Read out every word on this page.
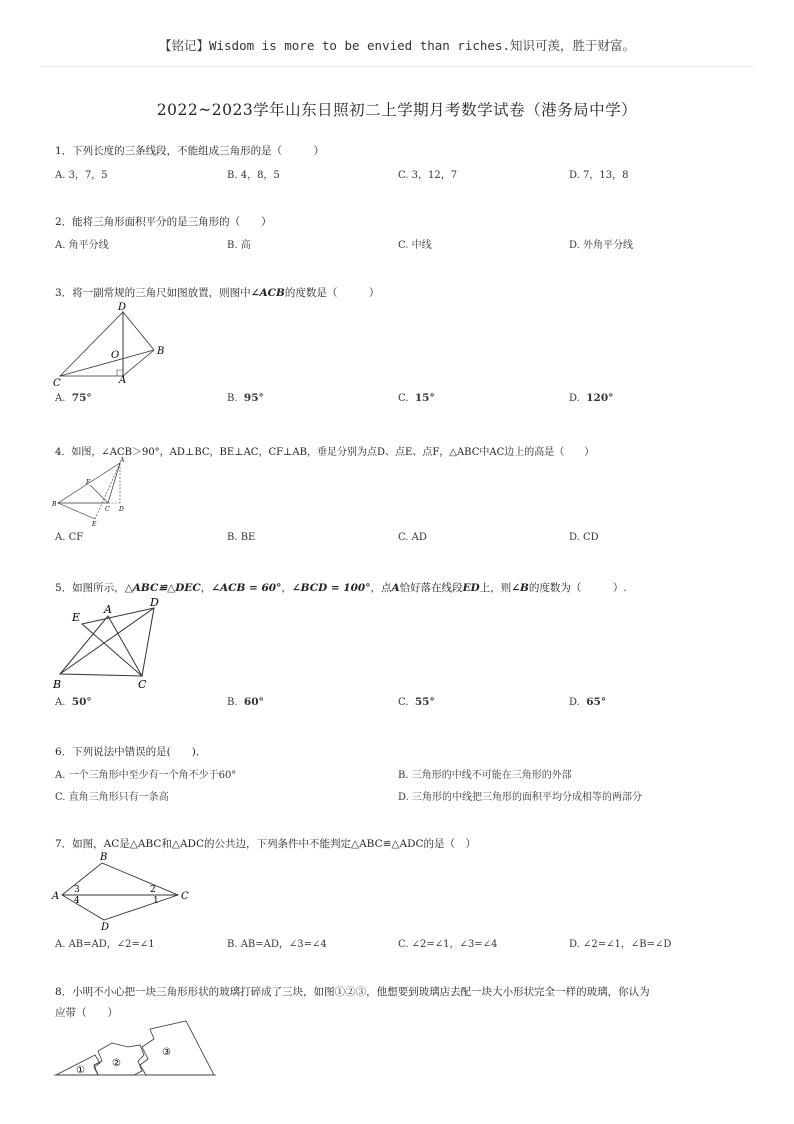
【铭记】Wisdom is more to be envied than riches.知识可羡，胜于财富。
2022~2023学年山东日照初二上学期月考数学试卷（港务局中学）
1．下列长度的三条线段，不能组成三角形的是（　　　）
A. 3，7，5	B. 4，8，5	C. 3，12，7	D. 7，13，8
2．能将三角形面积平分的是三角形的（　　）
A. 角平分线	B. 高	C. 中线	D. 外角平分线
3．将一副常规的三角尺如图放置，则图中∠ACB的度数是（　　　）
D
O	B
C	A
A. 75°	B. 95°	C. 15°	D. 120°
4．如图，∠ACB＞90°，AD⊥BC，BE⊥AC，CF⊥AB，垂足分别为点D、点E、点F，△ABC中AC边上的高是（　　）
A
F
B
C D
E
A. CF	B. BE	C. AD	D. CD
5．如图所示，△ABC≌△DEC，∠ACB = 60°，∠BCD = 100°，点A恰好落在线段ED上，则∠B的度数为（　　　）.
E
A
D
B	C
A. 50°	B. 60°	C. 55°	D. 65°
6．下列说法中错误的是(　　)．
A. 一个三角形中至少有一个角不少于60°	B. 三角形的中线不可能在三角形的外部
C. 直角三角形只有一条高	D. 三角形的中线把三角形的面积平均分成相等的两部分
7．如图，AC是△ABC和△ADC的公共边，下列条件中不能判定△ABC≌△ADC的是（　）
B
A	C
D
3
4
2
1
A. AB=AD，∠2=∠1	B. AB=AD，∠3=∠4	C. ∠2=∠1，∠3=∠4	D. ∠2=∠1，∠B=∠D
8．小明不小心把一块三角形形状的玻璃打碎成了三块，如图①②③，他想要到玻璃店去配一块大小形状完全一样的玻璃，你认为
应带（　　）
①
②
③
